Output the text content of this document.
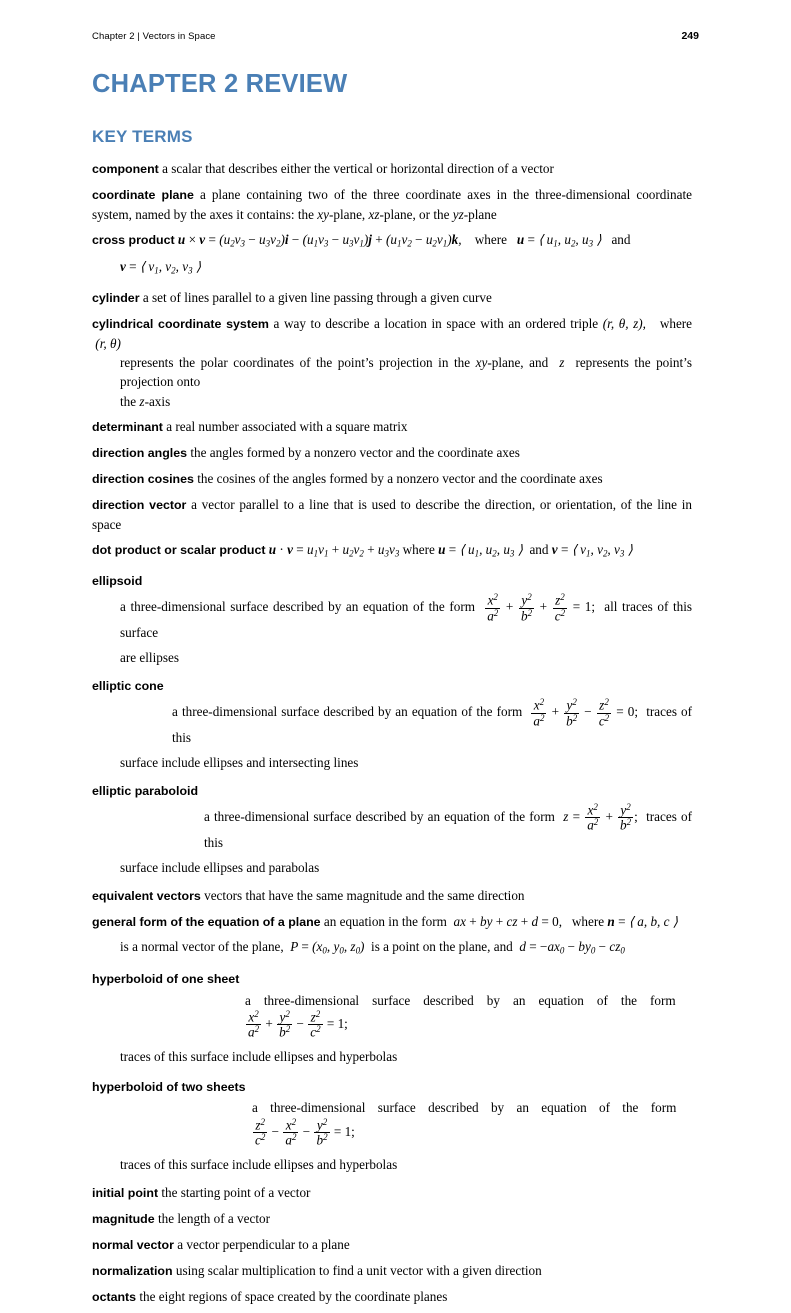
Chapter 2 | Vectors in Space	249
CHAPTER 2 REVIEW
KEY TERMS
component a scalar that describes either the vertical or horizontal direction of a vector
coordinate plane a plane containing two of the three coordinate axes in the three-dimensional coordinate system, named by the axes it contains: the xy-plane, xz-plane, or the yz-plane
cross product $u \times v = (u_2v_3 - u_3v_2)i - (u_1v_3 - u_3v_1)j + (u_1v_2 - u_2v_1)k$,    where   u = ⟨ $u_1$, $u_2$, $u_3$ ⟩   and
v = ⟨ $v_1$, $v_2$, $v_3$ ⟩
cylinder a set of lines parallel to a given line passing through a given curve
cylindrical coordinate system a way to describe a location in space with an ordered triple (r, θ, z),   where  (r, θ)
represents the polar coordinates of the point’s projection in the xy-plane, and  z  represents the point’s projection onto
the z-axis
determinant a real number associated with a square matrix
direction angles the angles formed by a nonzero vector and the coordinate axes
direction cosines the cosines of the angles formed by a nonzero vector and the coordinate axes
direction vector a vector parallel to a line that is used to describe the direction, or orientation, of the line in space
dot product or scalar product $u \cdot v = u_1v_1 + u_2v_2 + u_3v_3$ where u = ⟨ $u_1$, $u_2$, $u_3$ ⟩  and v = ⟨ $v_1$, $v_2$, $v_3$ ⟩
ellipsoid
a three-dimensional surface described by an equation of the form $\frac{x^2}{a^2} + \frac{y^2}{b^2} + \frac{z^2}{c^2} = 1$;  all traces of this surface
are ellipses
elliptic cone
a three-dimensional surface described by an equation of the form $\frac{x^2}{a^2} + \frac{y^2}{b^2} - \frac{z^2}{c^2} = 0$;  traces of this
surface include ellipses and intersecting lines
elliptic paraboloid
a three-dimensional surface described by an equation of the form  $z = \frac{x^2}{a^2} + \frac{y^2}{b^2}$ ;  traces of this
surface include ellipses and parabolas
equivalent vectors vectors that have the same magnitude and the same direction
general form of the equation of a plane an equation in the form  ax + by + cz + d = 0,   where n = ⟨ a, b, c ⟩
is a normal vector of the plane,  $P = (x_0$, $y_0$, $z_0$)  is a point on the plane, and  $d = -ax_0 - by_0 - cz_0$
hyperboloid of one sheet
a three-dimensional surface described by an equation of the form
$\frac{x^2}{a^2} + \frac{y^2}{b^2} - \frac{z^2}{c^2} = 1$;
traces of this surface include ellipses and hyperbolas
hyperboloid of two sheets
a three-dimensional surface described by an equation of the form
$\frac{z^2}{c^2} - \frac{x^2}{a^2} - \frac{y^2}{b^2} = 1$;
traces of this surface include ellipses and hyperbolas
initial point the starting point of a vector
magnitude the length of a vector
normal vector a vector perpendicular to a plane
normalization using scalar multiplication to find a unit vector with a given direction
octants the eight regions of space created by the coordinate planes
